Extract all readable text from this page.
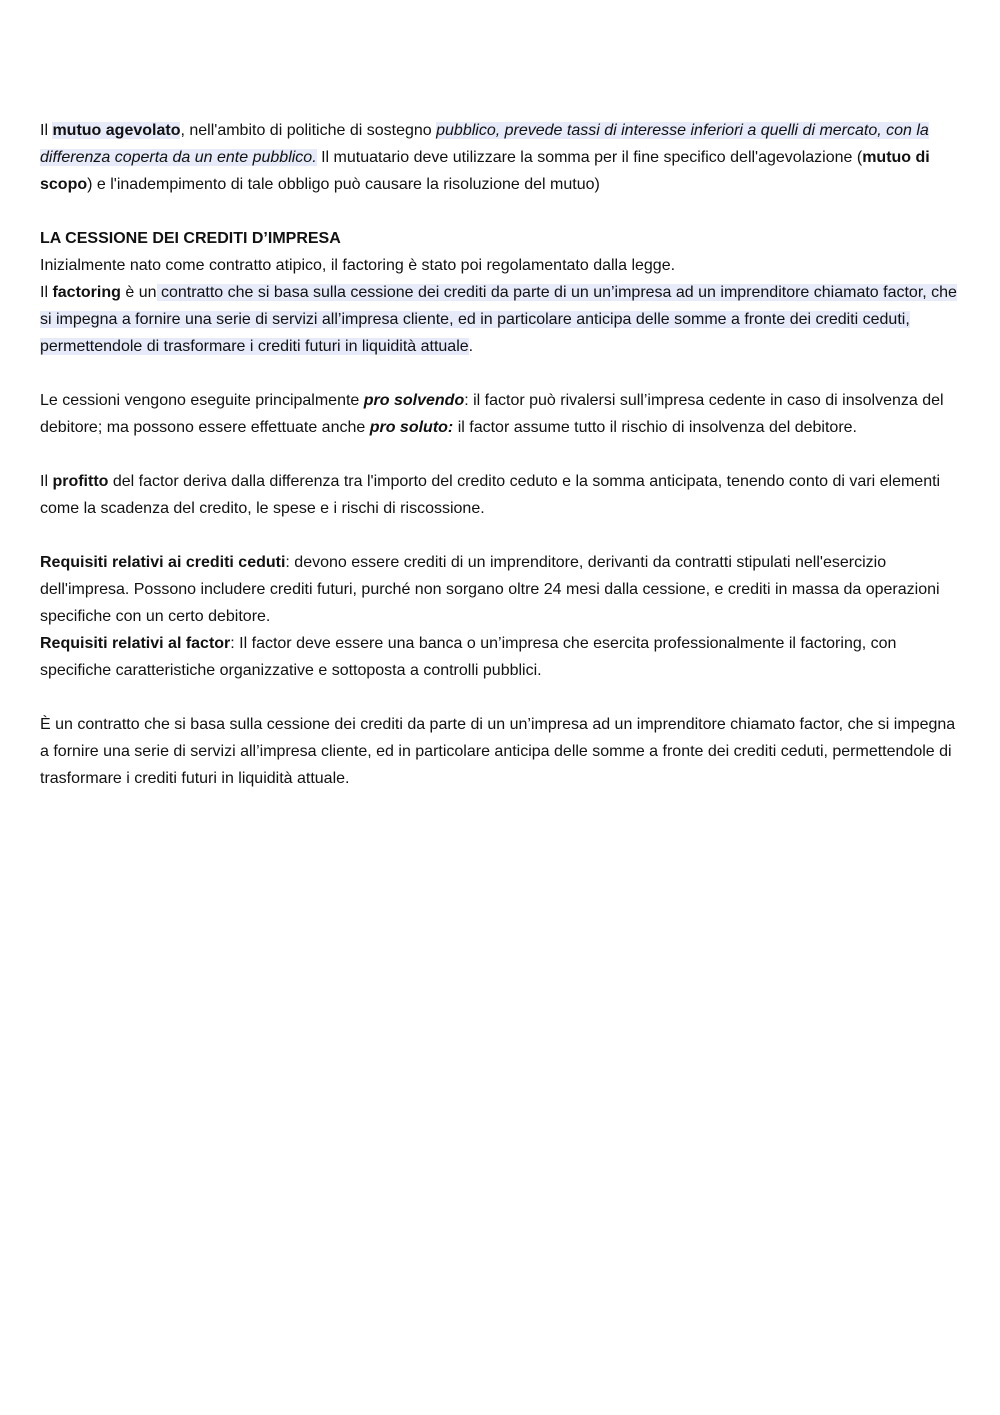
Il mutuo agevolato, nell'ambito di politiche di sostegno pubblico, prevede tassi di interesse inferiori a quelli di mercato, con la differenza coperta da un ente pubblico. Il mutuatario deve utilizzare la somma per il fine specifico dell'agevolazione (mutuo di scopo) e l'inadempimento di tale obbligo può causare la risoluzione del mutuo)

LA CESSIONE DEI CREDITI D’IMPRESA

Inizialmente nato come contratto atipico, il factoring è stato poi regolamentato dalla legge.

Il factoring è un contratto che si basa sulla cessione dei crediti da parte di un un’impresa ad un imprenditore chiamato factor, che si impegna a fornire una serie di servizi all’impresa cliente, ed in particolare anticipa delle somme a fronte dei crediti ceduti, permettendole di trasformare i crediti futuri in liquidità attuale.

Le cessioni vengono eseguite principalmente pro solvendo: il factor può rivalersi sull’impresa cedente in caso di insolvenza del debitore; ma possono essere effettuate anche pro soluto: il factor assume tutto il rischio di insolvenza del debitore.

Il profitto del factor deriva dalla differenza tra l'importo del credito ceduto e la somma anticipata, tenendo conto di vari elementi come la scadenza del credito, le spese e i rischi di riscossione.

Requisiti relativi ai crediti ceduti: devono essere crediti di un imprenditore, derivanti da contratti stipulati nell'esercizio dell'impresa. Possono includere crediti futuri, purché non sorgano oltre 24 mesi dalla cessione, e crediti in massa da operazioni specifiche con un certo debitore.

Requisiti relativi al factor: Il factor deve essere una banca o un’impresa che esercita professionalmente il factoring, con specifiche caratteristiche organizzative e sottoposta a controlli pubblici.

È un contratto che si basa sulla cessione dei crediti da parte di un un’impresa ad un imprenditore chiamato factor, che si impegna a fornire una serie di servizi all’impresa cliente, ed in particolare anticipa delle somme a fronte dei crediti ceduti, permettendole di trasformare i crediti futuri in liquidità attuale.
